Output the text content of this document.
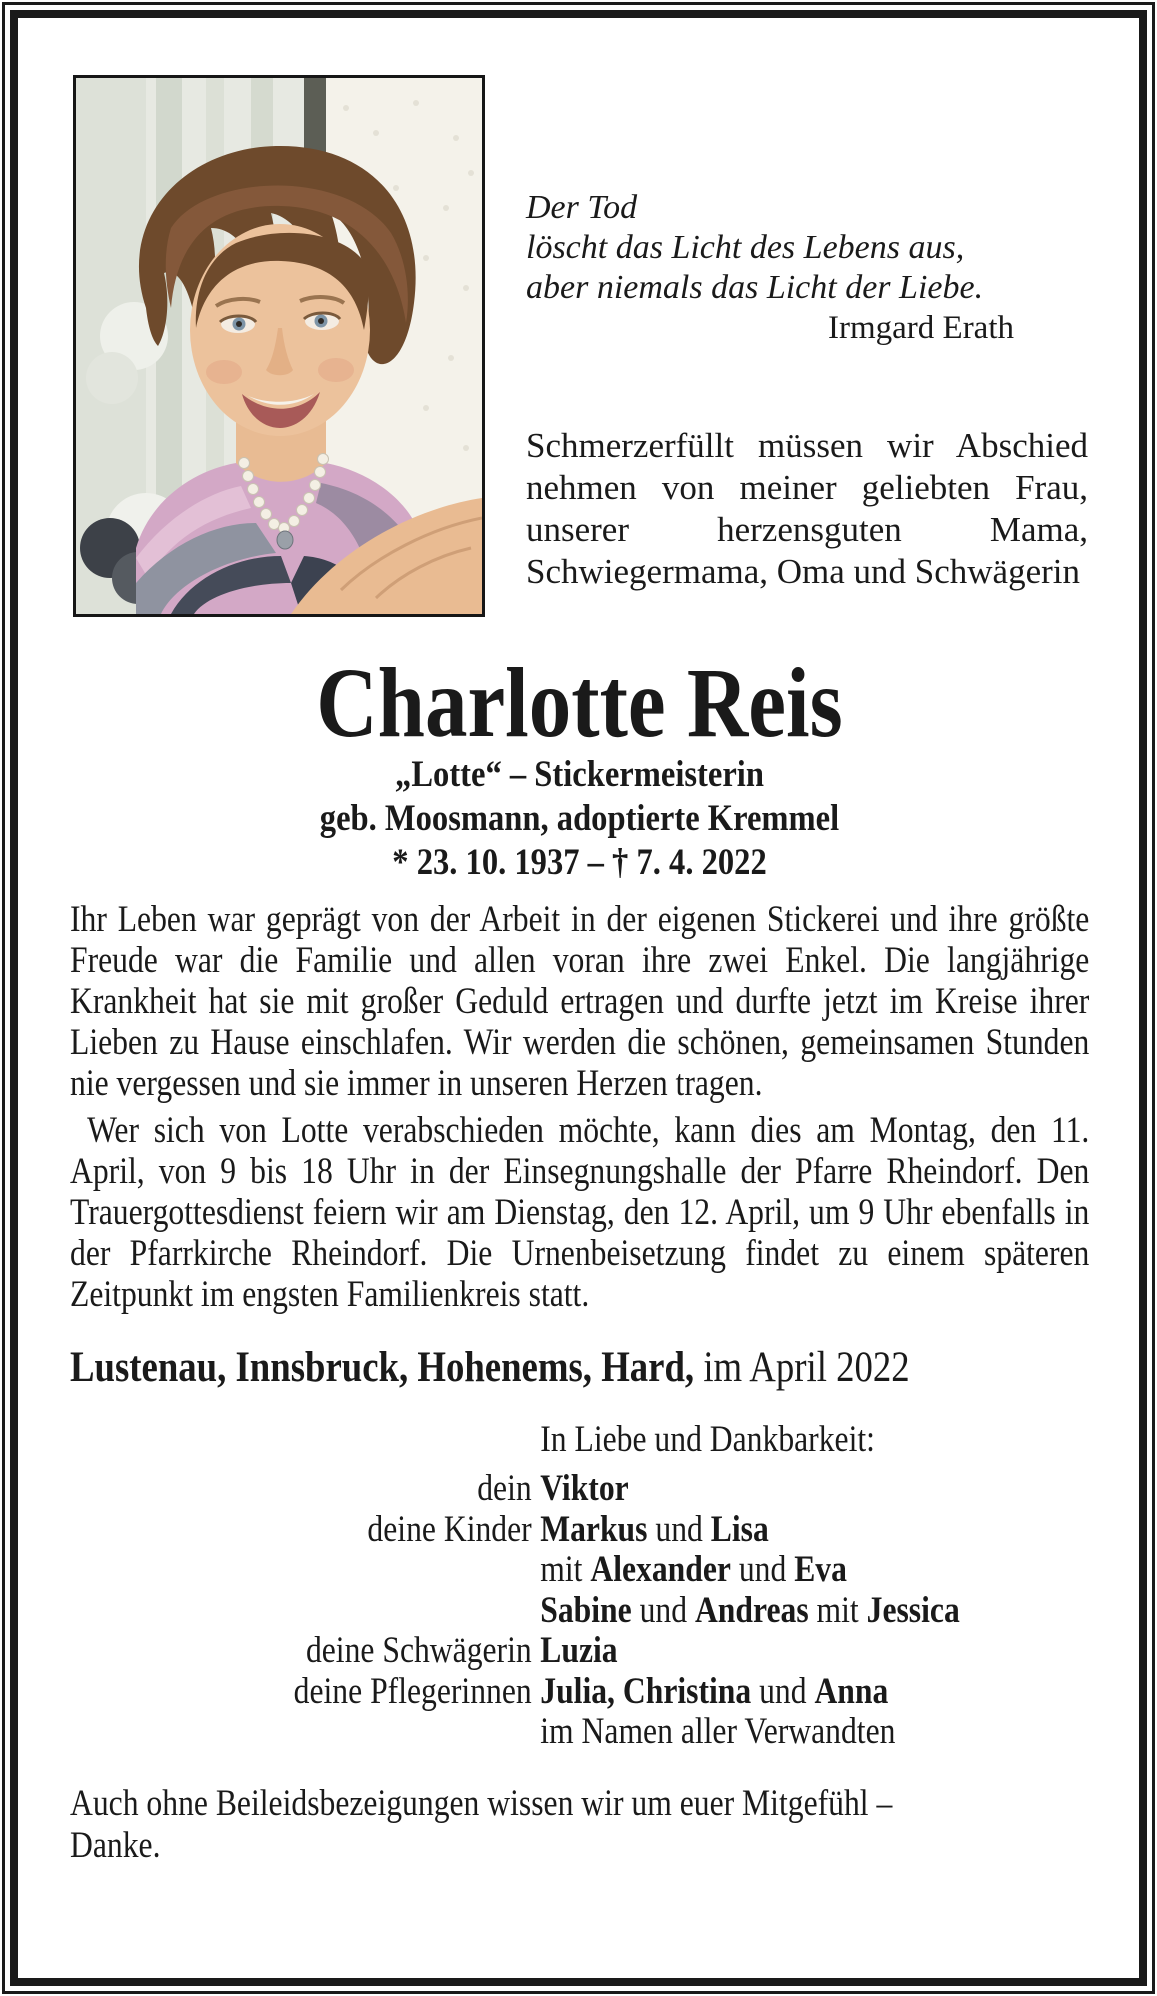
Der Tod
löscht das Licht des Lebens aus,
aber niemals das Licht der Liebe.
Irmgard Erath

Schmerzerfüllt müssen wir Abschied nehmen von meiner geliebten Frau, unserer herzensguten Mama, Schwiegermama, Oma und Schwägerin

Charlotte Reis
„Lotte“ – Stickermeisterin
geb. Moosmann, adoptierte Kremmel
* 23. 10. 1937 – † 7. 4. 2022

Ihr Leben war geprägt von der Arbeit in der eigenen Stickerei und ihre größte Freude war die Familie und allen voran ihre zwei Enkel. Die langjährige Krankheit hat sie mit großer Geduld ertragen und durfte jetzt im Kreise ihrer Lieben zu Hause einschlafen. Wir werden die schönen, gemeinsamen Stunden nie vergessen und sie immer in unseren Herzen tragen.

Wer sich von Lotte verabschieden möchte, kann dies am Montag, den 11. April, von 9 bis 18 Uhr in der Einsegnungshalle der Pfarre Rheindorf. Den Trauergottesdienst feiern wir am Dienstag, den 12. April, um 9 Uhr ebenfalls in der Pfarrkirche Rheindorf. Die Urnenbeisetzung findet zu einem späteren Zeitpunkt im engsten Familienkreis statt.

Lustenau, Innsbruck, Hohenems, Hard, im April 2022
In Liebe und Dankbarkeit:
dein Viktor
deine Kinder Markus und Lisa
mit Alexander und Eva
Sabine und Andreas mit Jessica
deine Schwägerin Luzia
deine Pflegerinnen Julia, Christina und Anna
im Namen aller Verwandten

Auch ohne Beileidsbezeigungen wissen wir um euer Mitgefühl – Danke.
